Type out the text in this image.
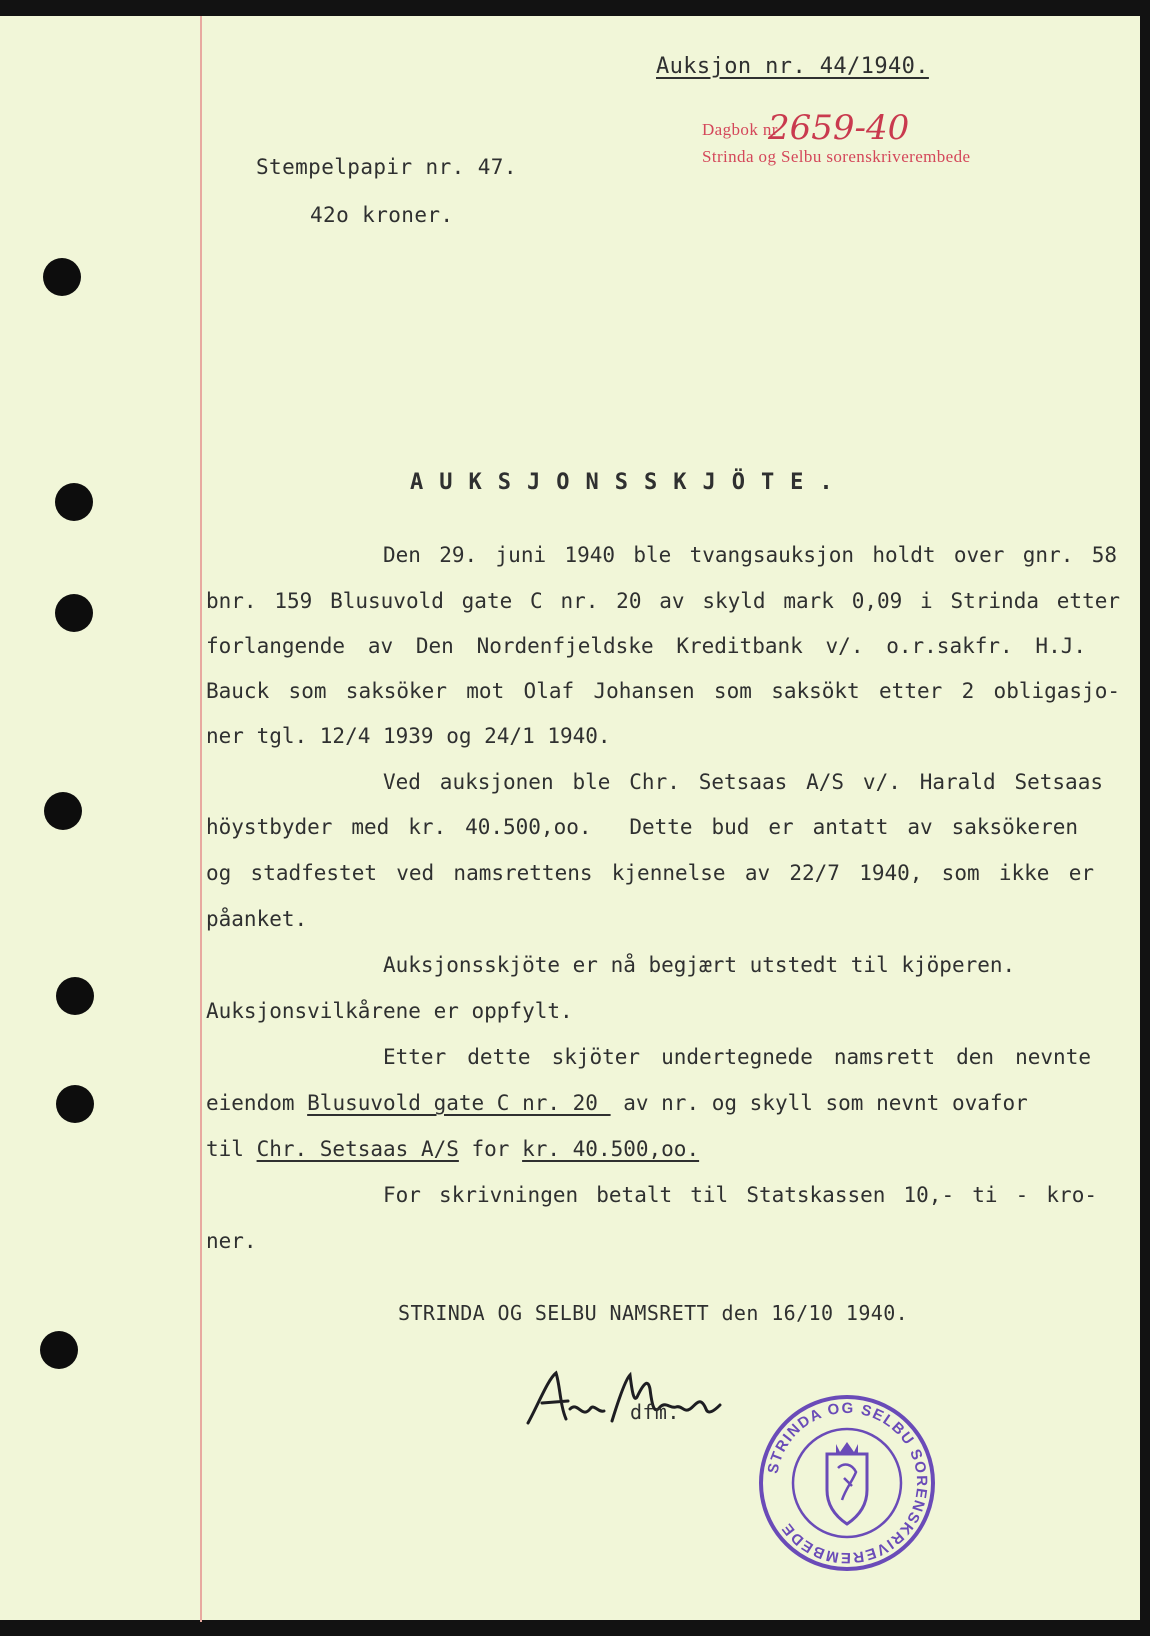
Auksjon nr. 44/1940.
Dagbok nr
2659-40
Strinda og Selbu sorenskriverembede
Stempelpapir nr. 47.
42o kroner.
AUKSJONSSKJÖTE.
Den 29. juni 1940 ble tvangsauksjon holdt over gnr. 58
bnr. 159 Blusuvold gate C nr. 20 av skyld mark 0,09 i Strinda etter
forlangende av Den Nordenfjeldske Kreditbank v/. o.r.sakfr. H.J.
Bauck som saksöker mot Olaf Johansen som saksökt etter 2 obligasjo-
ner tgl. 12/4 1939 og 24/1 1940.
Ved auksjonen ble Chr. Setsaas A/S v/. Harald Setsaas
höystbyder med kr. 40.500,oo.  Dette bud er antatt av saksökeren
og stadfestet ved namsrettens kjennelse av 22/7 1940, som ikke er
påanket.
Auksjonsskjöte er nå begjært utstedt til kjöperen.
Auksjonsvilkårene er oppfylt.
Etter dette skjöter undertegnede namsrett den nevnte
eiendom Blusuvold gate C nr. 20  av nr. og skyll som nevnt ovafor
til Chr. Setsaas A/S for kr. 40.500,oo.
For skrivningen betalt til Statskassen 10,- ti - kro-
ner.
STRINDA OG SELBU NAMSRETT den 16/10 1940.
dfm.
STRINDA OG SELBU SORENSKRIVEREMBEDE
